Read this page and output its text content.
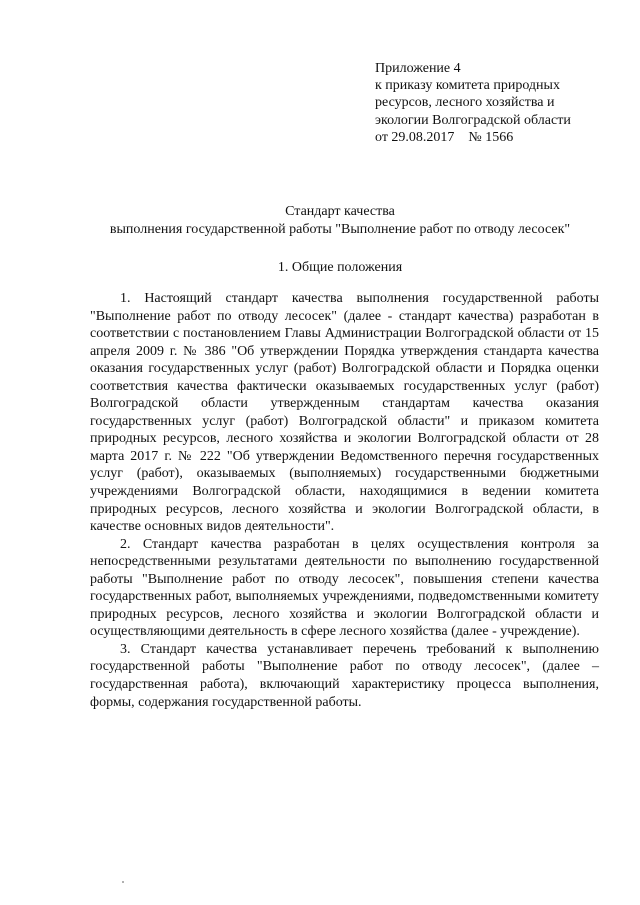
Приложение 4
к приказу комитета природных
ресурсов, лесного хозяйства и
экологии Волгоградской области
от 29.08.2017    № 1566
Стандарт качества
выполнения государственной работы "Выполнение работ по отводу лесосек"
1. Общие положения

1. Настоящий стандарт качества выполнения государственной работы "Выполнение работ по отводу лесосек" (далее - стандарт качества) разработан в соответствии с постановлением Главы Администрации Волгоградской области от 15 апреля 2009 г. № 386 "Об утверждении Порядка утверждения стандарта качества оказания государственных услуг (работ) Волгоградской области и Порядка оценки соответствия качества фактически оказываемых государственных услуг (работ) Волгоградской области утвержденным стандартам качества оказания государственных услуг (работ) Волгоградской области" и приказом комитета природных ресурсов, лесного хозяйства и экологии Волгоградской области от 28 марта 2017 г. № 222 "Об утверждении Ведомственного перечня государственных услуг (работ), оказываемых (выполняемых) государственными бюджетными учреждениями Волгоградской области, находящимися в ведении комитета природных ресурсов, лесного хозяйства и экологии Волгоградской области, в качестве основных видов деятельности".

2. Стандарт качества разработан в целях осуществления контроля за непосредственными результатами деятельности по выполнению государственной работы "Выполнение работ по отводу лесосек", повышения степени качества государственных работ, выполняемых учреждениями, подведомственными комитету природных ресурсов, лесного хозяйства и экологии Волгоградской области и осуществляющими деятельность в сфере лесного хозяйства (далее - учреждение).

3. Стандарт качества устанавливает перечень требований к выполнению государственной работы "Выполнение работ по отводу лесосек", (далее – государственная работа), включающий характеристику процесса выполнения, формы, содержания государственной работы.
